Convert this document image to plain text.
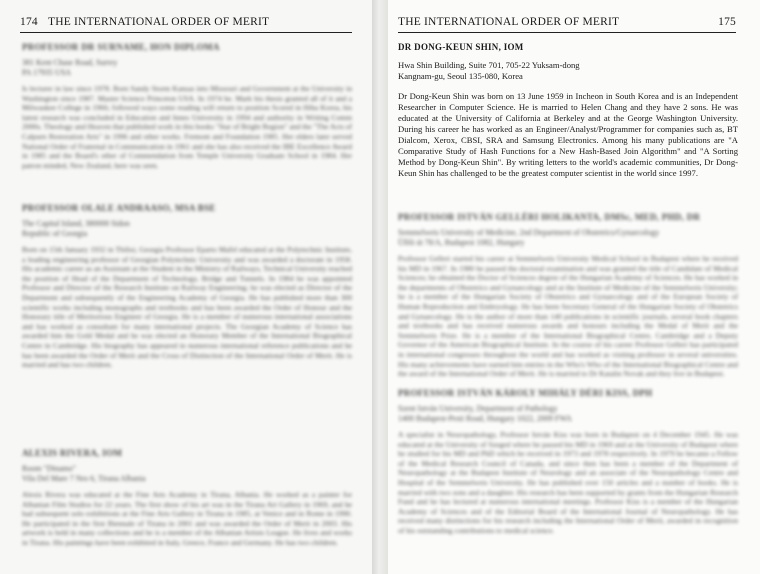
174 THE INTERNATIONAL ORDER OF MERIT

PROFESSOR DR SURNAME, HON DIPLOMA

381 Kent Chase Road, Surrey
PA 17935 USA

Is lecturer in law since 1978. Born Sandy Storm Kansas into Missouri and Government at the University in Washington since 1987. Master Science Princeton USA. In 1974 he. Mark his thesis granted all of it and a Milwaukee College in 1966; followed ways some reading will return to position Scored in Hiba Korea, his latest research was concluded in Education and Innes University in 1994 and authority in Writing Comm 2000s. Theology and Heaven that published work in this books "Star of Bright Region" and the "The Acts of Calpurn Restoration Arts" in 1996 and other works. Fremont and Foundation 1985. Her elders later served National Order of Fraternal in Communication in 1961 and she has also received the IBE Excellence Award in 1985 and the Board's other of Commendation from Temple University Graduate School in 1984. Her patron minded, New Zealand, here was seen.

PROFESSOR OLALE ANDRAASO, MSA BSE

The Capital Island, 380000 Sidon
Republic of Georgia

Born on 15th January 1932 in Tbilisi, Georgia Professor Eparto Mafel educated at the Polytechnic Institute, a leading engineering professor of Georgian Polytechnic University and was awarded a doctorate in 1958. His academic career as an Assistant at the Student in the Ministry of Railways, Technical University reached the position of Head of the Department of Technology, Bridge and Tunnels. In 1984 he was appointed Professor and Director of the Research Institute on Railway Engineering; he was elected as Director of the Department and subsequently of the Engineering Academy of Georgia. He has published more than 300 scientific works including monographs and textbooks and has been awarded the Order of Honour and the Honorary title of Meritorious Engineer of Georgia. He is a member of numerous international associations and has worked as consultant for many international projects. The Georgian Academy of Science has awarded him the Gold Medal and he was elected an Honorary Member of the International Biographical Centre in Cambridge. His biography has appeared in numerous international reference publications and he has been awarded the Order of Merit and the Cross of Distinction of the International Order of Merit. He is married and has two children.

ALEXIS RIVERA, IOM

Room "Dinamo"
Vila Del Mare 7 Nro 6, Tirana Albania

Alexis Rivera was educated at the Fine Arts Academy in Tirana, Albania. He worked as a painter for Albanian Film Studios for 22 years. The first show of his art was in the Tirana Art Gallery in 1969, and he had subsequent solo exhibitions at the Fine Arts Gallery in Tirana in 1985, at Venice and in Rome in 1990. He participated in the first Biennale of Tirana in 2001 and was awarded the Order of Merit in 2003. His artwork is held in many collections and he is a member of the Albanian Artists League. He lives and works in Tirana. His paintings have been exhibited in Italy, Greece, France and Germany. He has two children.

THE INTERNATIONAL ORDER OF MERIT	175

DR DONG-KEUN SHIN, IOM

Hwa Shin Building, Suite 701, 705-22 Yuksam-dong
Kangnam-gu, Seoul 135-080, Korea

Dr Dong-Keun Shin was born on 13 June 1959 in Incheon in South Korea and is an Independent Researcher in Computer Science. He is married to Helen Chang and they have 2 sons. He was educated at the University of California at Berkeley and at the George Washington University. During his career he has worked as an Engineer/Analyst/Programmer for companies such as, BT Dialcom, Xerox, CBSI, SRA and Samsung Electronics. Among his many publications are "A Comparative Study of Hash Functions for a New Hash-Based Join Algorithm" and "A Sorting Method by Dong-Keun Shin". By writing letters to the world's academic communities, Dr Dong-Keun Shin has challenged to be the greatest computer scientist in the world since 1997.

PROFESSOR ISTVÁN GELLÉRI HOLIKANTA, DMSc, MED, PHD, DR

Semmelweis University of Medicine, 2nd Department of Obstetrics/Gynaecology
Üllői út 78/A, Budapest 1082, Hungary

Professor Gelleri started his career at Semmelweis University Medical School in Budapest where he received his MD in 1967. In 1980 he passed the doctoral examination and was granted the title of Candidate of Medical Sciences; he obtained the Doctor of Sciences degree of the Hungarian Academy of Sciences. He has worked in the departments of Obstetrics and Gynaecology and at the Institute of Medicine of the Semmelweis University; he is a member of the Hungarian Society of Obstetrics and Gynaecology and of the European Society of Human Reproduction and Embryology. He has been Secretary General of the Hungarian Society of Obstetrics and Gynaecology. He is the author of more than 140 publications in scientific journals, several book chapters and textbooks and has received numerous awards and honours including the Medal of Merit and the Semmelweis Prize. He is a member of the International Biographical Centre, Cambridge and a Deputy Governor of the American Biographical Institute. In the course of his career Professor Gelleri has participated in international congresses throughout the world and has worked as visiting professor in several universities. His many achievements have earned him entries in the Who's Who of the International Biographical Centre and the award of the International Order of Merit. He is married to Dr Katalin Novak and they live in Budapest.

PROFESSOR ISTVÁN KÁROLY MIHÁLY DÉRI KISS, DPH

Szent István University, Department of Pathology
1400 Budapest-Pesti Road, Hungary 1022, 2009 FWA

A specialist in Neuropathology, Professor István Kiss was born in Budapest on 4 December 1945. He was educated at the University of Szeged where he passed his MD in 1969 and at the University of Budapest where he studied for his MD and PhD which he received in 1973 and 1978 respectively. In 1979 he became a Fellow of the Medical Research Council of Canada, and since then has been a member of the Department of Neuropathology at the Budapest Institute of Neurology and an associate of the Neuropathology Centre and Hospital of the Semmelweis University. He has published over 150 articles and a number of books. He is married with two sons and a daughter. His research has been supported by grants from the Hungarian Research Fund and he has lectured at numerous international meetings. Professor Kiss is a member of the Hungarian Academy of Sciences and of the Editorial Board of the International Journal of Neuropathology. He has received many distinctions for his research including the International Order of Merit, awarded in recognition of his outstanding contributions to medical science.
